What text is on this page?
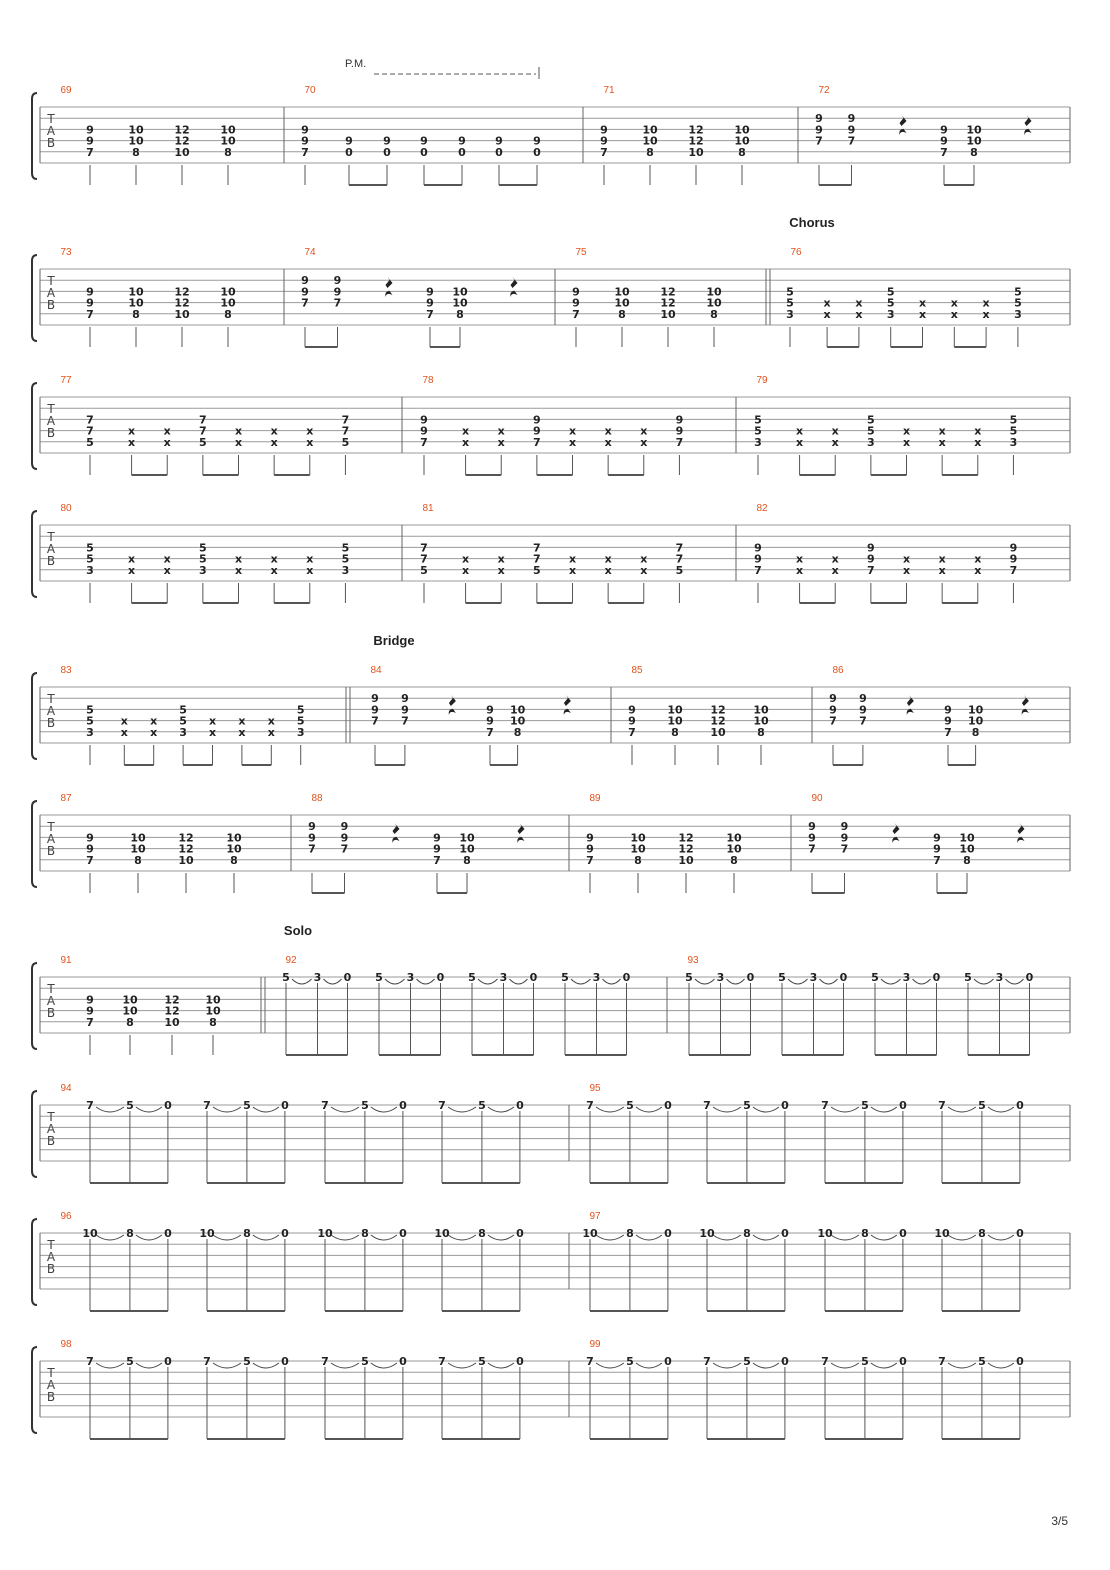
T
A
B
69	70	71	72
P.M.
9
9
7
10
10
8
12
12
10
10
10
8
9
9
7
9
0
9
0
9
0
9
0
9
0
9
0
9
9
7
10
10
8
12
12
10
10
10
8
9
9
7
9
9
7
9
9
7
10
10
8
T
A
B
73	74	75	76
Chorus
9
9
7
10
10
8
12
12
10
10
10
8
9
9
7
9
9
7
9
9
7
10
10
8
9
9
7
10
10
8
12
12
10
10
10
8
5
5
3
x
x
x
x
5
5
3
x
x
x
x
x
x
5
5
3
T
A
B
77	78	79
7
7
5
x
x
x
x
7
7
5
x
x
x
x
x
x
7
7
5
9
9
7
x
x
x
x
9
9
7
x
x
x
x
x
x
9
9
7
5
5
3
x
x
x
x
5
5
3
x
x
x
x
x
x
5
5
3
T
A
B
80	81	82
5
5
3
x
x
x
x
5
5
3
x
x
x
x
x
x
5
5
3
7
7
5
x
x
x
x
7
7
5
x
x
x
x
x
x
7
7
5
9
9
7
x
x
x
x
9
9
7
x
x
x
x
x
x
9
9
7
T
A
B
83	84	85	86
Bridge
5
5
3
x
x
x
x
5
5
3
x
x
x
x
x
x
5
5
3
9
9
7
9
9
7
9
9
7
10
10
8
9
9
7
10
10
8
12
12
10
10
10
8
9
9
7
9
9
7
9
9
7
10
10
8
T
A
B
87	88	89	90
9
9
7
10
10
8
12
12
10
10
10
8
9
9
7
9
9
7
9
9
7
10
10
8
9
9
7
10
10
8
12
12
10
10
10
8
9
9
7
9
9
7
9
9
7
10
10
8
T
A
B
91	92	93
Solo
9
9
7
10
10
8
12
12
10
10
10
8
5 3 0 5 3 0 5 3 0 5 3 0	5 3 0 5 3 0 5 3 0 5 3 0
T
A
B
94	95
7	5	0	7	5	0	7	5	0	7	5	0	7	5	0	7	5	0	7	5	0	7	5	0
T
A
B
96	97
10	8	0	10	8	0	10	8	0	10	8	0	10	8	0	10	8	0	10	8	0	10	8	0
T
A
B
98	99
7	5	0	7	5	0	7	5	0	7	5	0	7	5	0	7	5	0	7	5	0	7	5	0
3/5
